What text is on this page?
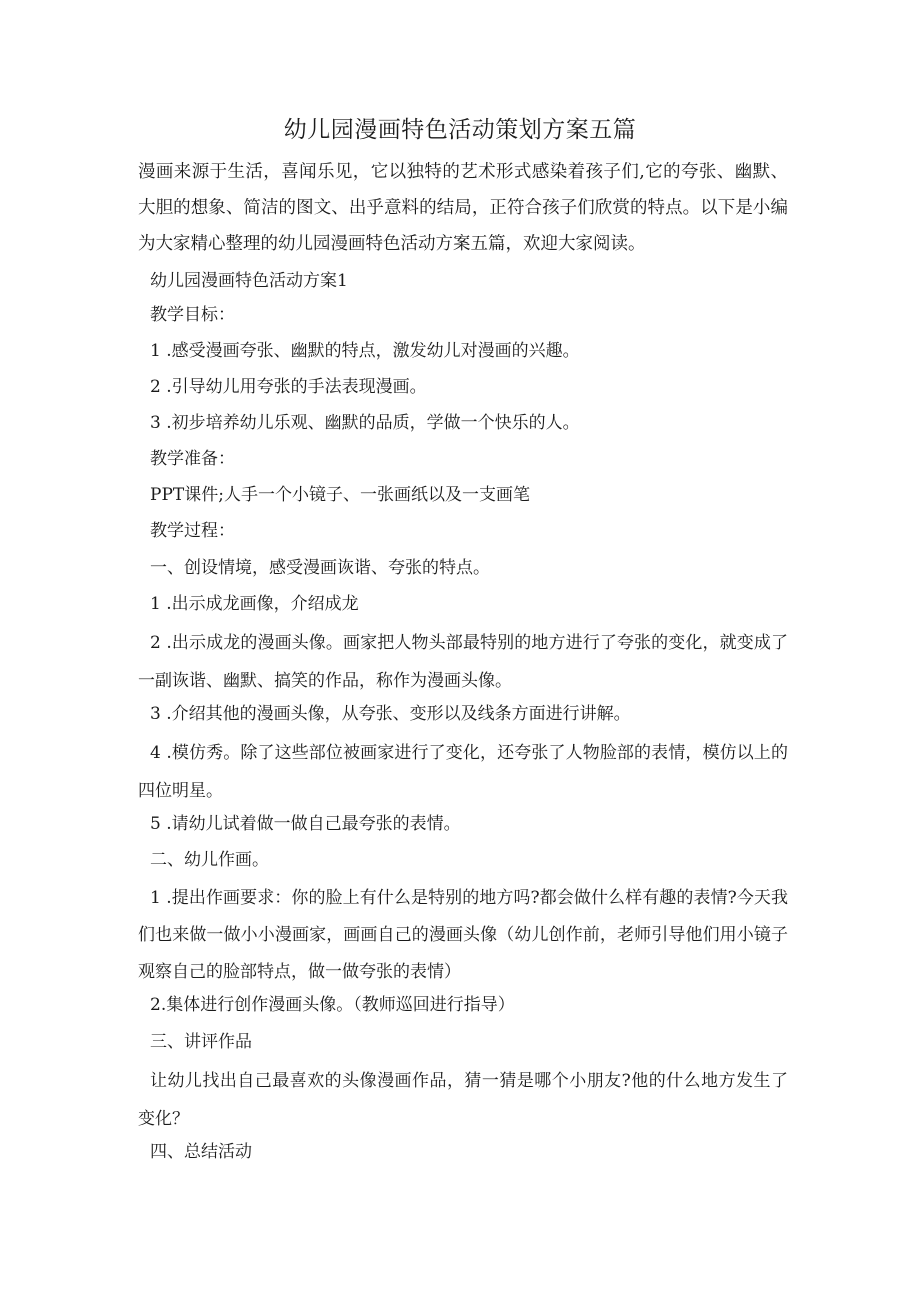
幼儿园漫画特色活动策划方案五篇

漫画来源于生活，喜闻乐见，它以独特的艺术形式感染着孩子们,它的夸张、幽默、大胆的想象、简洁的图文、出乎意料的结局，正符合孩子们欣赏的特点。以下是小编为大家精心整理的幼儿园漫画特色活动方案五篇，欢迎大家阅读。

幼儿园漫画特色活动方案1

教学目标：

1 .感受漫画夸张、幽默的特点，激发幼儿对漫画的兴趣。

2 .引导幼儿用夸张的手法表现漫画。

3 .初步培养幼儿乐观、幽默的品质，学做一个快乐的人。

教学准备：

PPT课件;人手一个小镜子、一张画纸以及一支画笔

教学过程：

一、创设情境，感受漫画诙谐、夸张的特点。

1 .出示成龙画像，介绍成龙

2 .出示成龙的漫画头像。画家把人物头部最特别的地方进行了夸张的变化，就变成了一副诙谐、幽默、搞笑的作品，称作为漫画头像。

3 .介绍其他的漫画头像，从夸张、变形以及线条方面进行讲解。

4 .模仿秀。除了这些部位被画家进行了变化，还夸张了人物脸部的表情，模仿以上的四位明星。

5 .请幼儿试着做一做自己最夸张的表情。

二、幼儿作画。

1 .提出作画要求：你的脸上有什么是特别的地方吗?都会做什么样有趣的表情?今天我们也来做一做小小漫画家，画画自己的漫画头像（幼儿创作前，老师引导他们用小镜子观察自己的脸部特点，做一做夸张的表情）

2.集体进行创作漫画头像。（教师巡回进行指导）

三、讲评作品

让幼儿找出自己最喜欢的头像漫画作品，猜一猜是哪个小朋友?他的什么地方发生了变化？

四、总结活动
